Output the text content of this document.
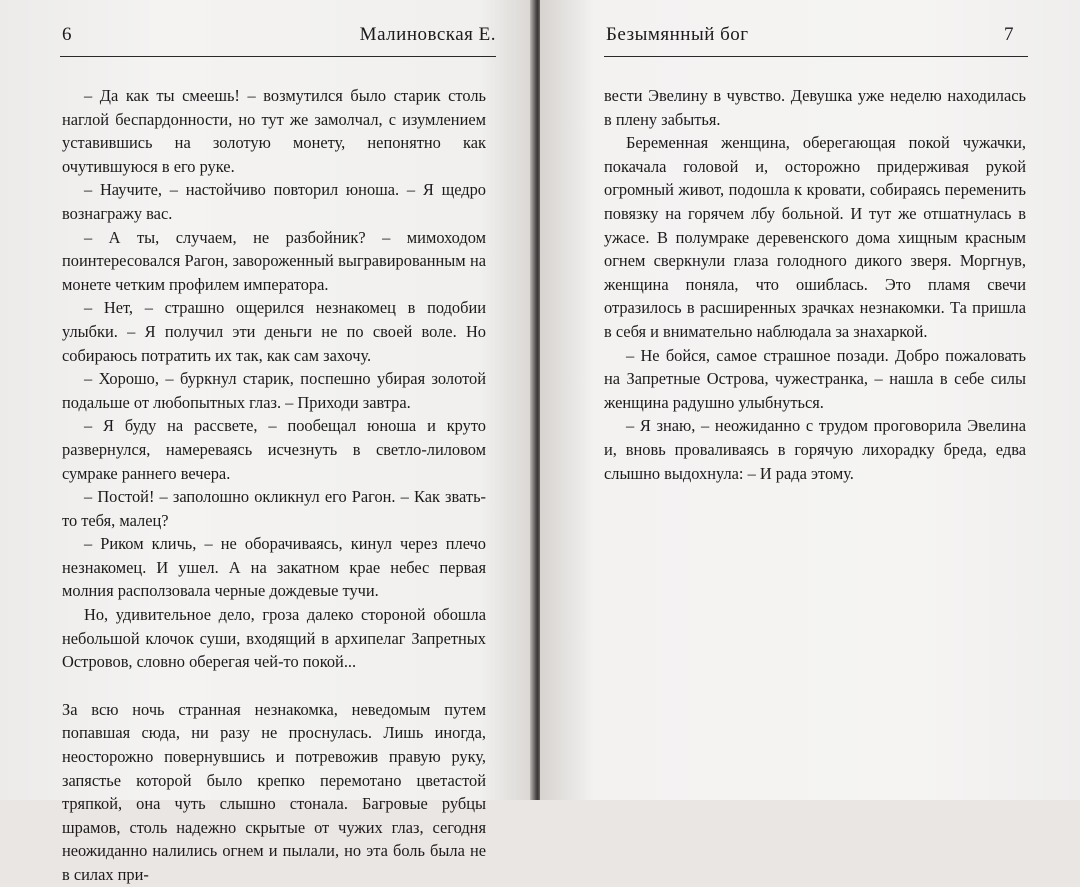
6	Малиновская Е.

– Да как ты смеешь! – возмутился было старик столь наглой беспардонности, но тут же замолчал, с изумлением уставившись на золотую монету, непонятно как очутившуюся в его руке.

– Научите, – настойчиво повторил юноша. – Я щедро вознагражу вас.

– А ты, случаем, не разбойник? – мимоходом поинтересовался Рагон, завороженный выгравированным на монете четким профилем императора.

– Нет, – страшно ощерился незнакомец в подобии улыбки. – Я получил эти деньги не по своей воле. Но собираюсь потратить их так, как сам захочу.

– Хорошо, – буркнул старик, поспешно убирая золотой подальше от любопытных глаз. – Приходи завтра.

– Я буду на рассвете, – пообещал юноша и круто развернулся, намереваясь исчезнуть в светло-лиловом сумраке раннего вечера.

– Постой! – заполошно окликнул его Рагон. – Как звать-то тебя, малец?

– Риком кличь, – не оборачиваясь, кинул через плечо незнакомец. И ушел. А на закатном крае небес первая молния расползовала черные дождевые тучи.

Но, удивительное дело, гроза далеко стороной обошла небольшой клочок суши, входящий в архипелаг Запретных Островов, словно оберегая чей-то покой...

За всю ночь странная незнакомка, неведомым путем попавшая сюда, ни разу не проснулась. Лишь иногда, неосторожно повернувшись и потревожив правую руку, запястье которой было крепко перемотано цветастой тряпкой, она чуть слышно стонала. Багровые рубцы шрамов, столь надежно скрытые от чужих глаз, сегодня неожиданно налились огнем и пылали, но эта боль была не в силах при-

Безымянный бог	7

вести Эвелину в чувство. Девушка уже неделю находилась в плену забытья.

Беременная женщина, оберегающая покой чужачки, покачала головой и, осторожно придерживая рукой огромный живот, подошла к кровати, собираясь переменить повязку на горячем лбу больной. И тут же отшатнулась в ужасе. В полумраке деревенского дома хищным красным огнем сверкнули глаза голодного дикого зверя. Моргнув, женщина поняла, что ошиблась. Это пламя свечи отразилось в расширенных зрачках незнакомки. Та пришла в себя и внимательно наблюдала за знахаркой.

– Не бойся, самое страшное позади. Добро пожаловать на Запретные Острова, чужестранка, – нашла в себе силы женщина радушно улыбнуться.

– Я знаю, – неожиданно с трудом проговорила Эвелина и, вновь проваливаясь в горячую лихорадку бреда, едва слышно выдохнула: – И рада этому.
